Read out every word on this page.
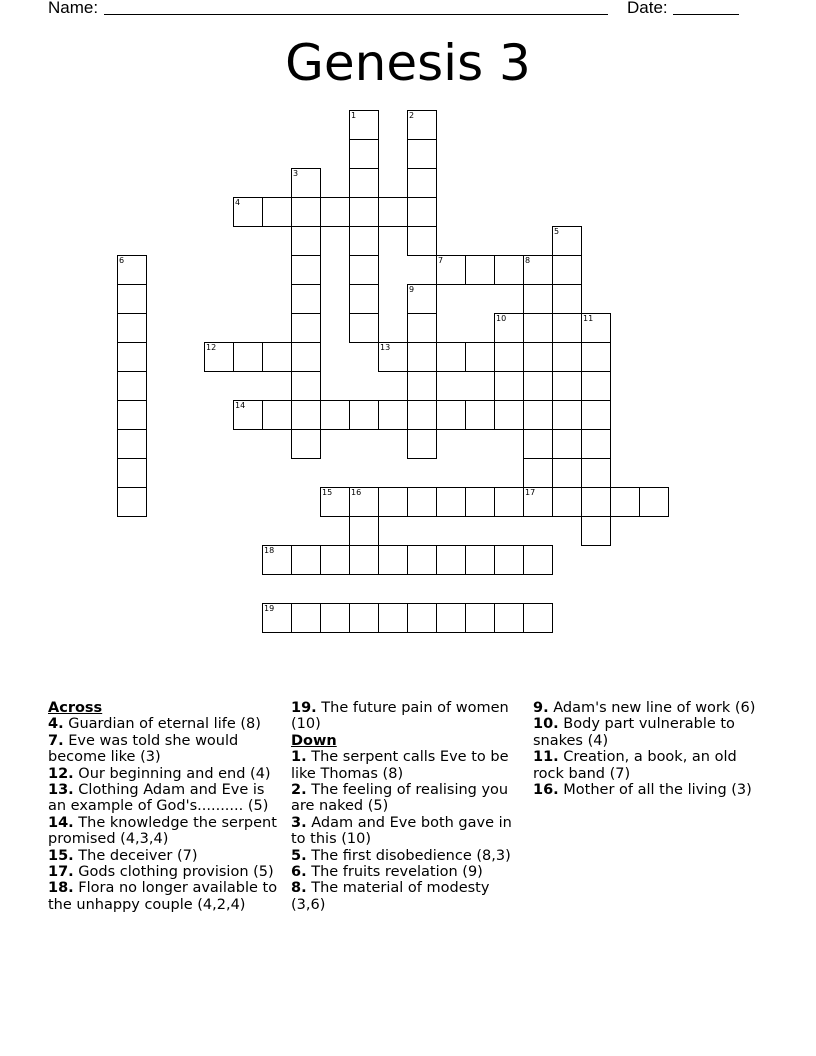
Name:	Date:
Genesis 3
1	2
3
4
5
6	7	8
9
10	11
12	13
14
15 16	17
18
19
Across
4. Guardian of eternal life (8)
7. Eve was told she would become like (3)
12. Our beginning and end (4)
13. Clothing Adam and Eve is an example of God's.......... (5)
14. The knowledge the serpent promised (4,3,4)
15. The deceiver (7)
17. Gods clothing provision (5)
18. Flora no longer available to the unhappy couple (4,2,4)
19. The future pain of women (10)
Down
1. The serpent calls Eve to be like Thomas (8)
2. The feeling of realising you are naked (5)
3. Adam and Eve both gave in to this (10)
5. The first disobedience (8,3)
6. The fruits revelation (9)
8. The material of modesty (3,6)
9. Adam's new line of work (6)
10. Body part vulnerable to snakes (4)
11. Creation, a book, an old rock band (7)
16. Mother of all the living (3)
